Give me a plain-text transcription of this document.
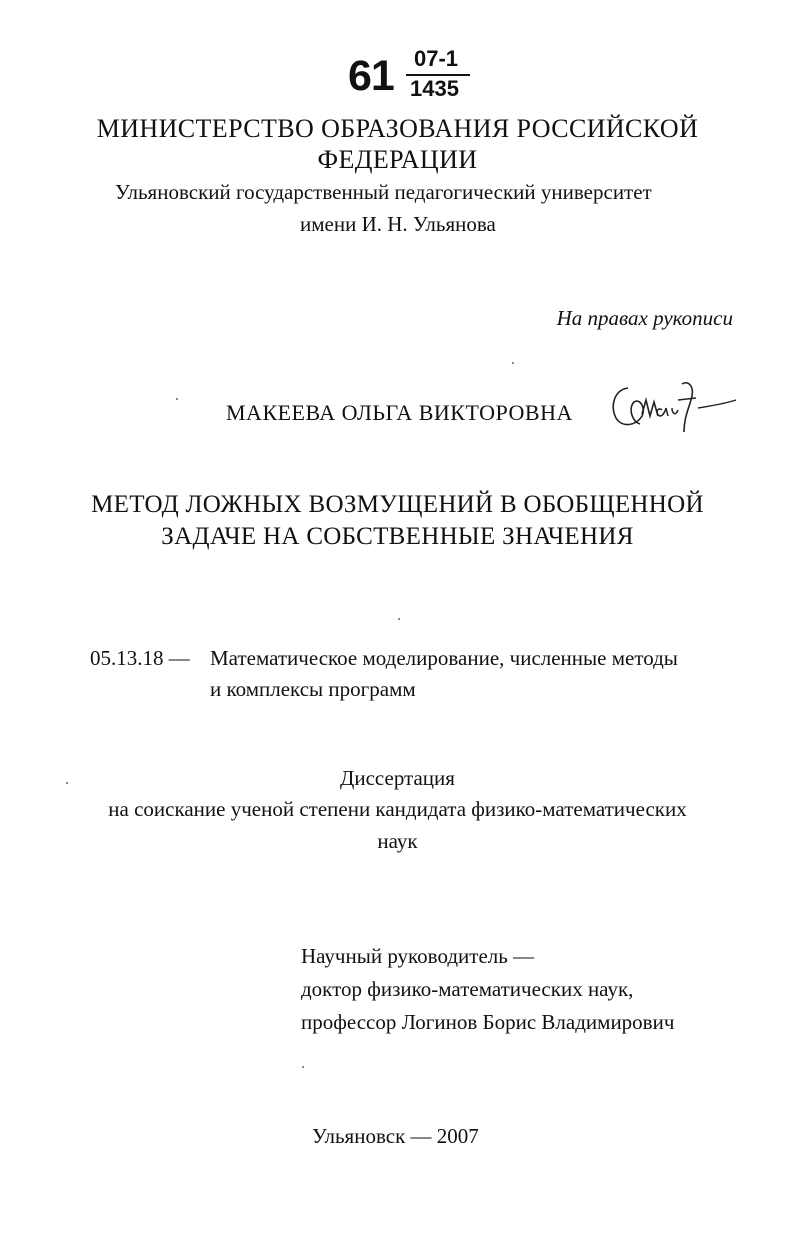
61 07-1
1435
МИНИСТЕРСТВО ОБРАЗОВАНИЯ РОССИЙСКОЙ
ФЕДЕРАЦИИ
Ульяновский государственный педагогический университет
имени И. Н. Ульянова
На правах рукописи
МАКЕЕВА ОЛЬГА ВИКТОРОВНА
МЕТОД ЛОЖНЫХ ВОЗМУЩЕНИЙ В ОБОБЩЕННОЙ
ЗАДАЧЕ НА СОБСТВЕННЫЕ ЗНАЧЕНИЯ
05.13.18 — Математическое моделирование, численные методы
и комплексы программ
Диссертация
на соискание ученой степени кандидата физико-математических
наук
Научный руководитель —
доктор физико-математических наук,
профессор Логинов Борис Владимирович
Ульяновск — 2007
